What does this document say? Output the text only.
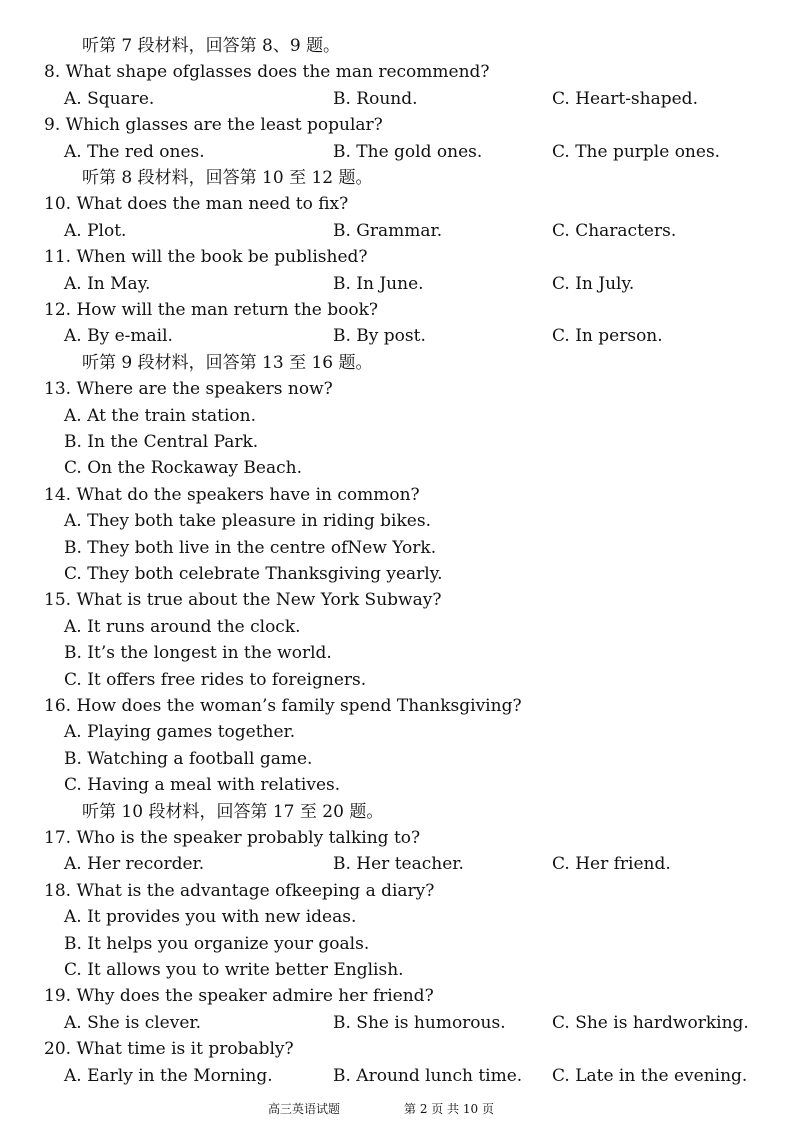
听第 7 段材料，回答第 8、9 题。
8. What shape ofglasses does the man recommend?
A. Square.	B. Round.	C. Heart-shaped.
9. Which glasses are the least popular?
A. The red ones.	B. The gold ones.	C. The purple ones.
听第 8 段材料，回答第 10 至 12 题。
10. What does the man need to fix?
A. Plot.	B. Grammar.	C. Characters.
11. When will the book be published?
A. In May.	B. In June.	C. In July.
12. How will the man return the book?
A. By e-mail.	B. By post.	C. In person.
听第 9 段材料，回答第 13 至 16 题。
13. Where are the speakers now?
A. At the train station.
B. In the Central Park.
C. On the Rockaway Beach.
14. What do the speakers have in common?
A. They both take pleasure in riding bikes.
B. They both live in the centre ofNew York.
C. They both celebrate Thanksgiving yearly.
15. What is true about the New York Subway?
A. It runs around the clock.
B. It’s the longest in the world.
C. It offers free rides to foreigners.
16. How does the woman’s family spend Thanksgiving?
A. Playing games together.
B. Watching a football game.
C. Having a meal with relatives.
听第 10 段材料，回答第 17 至 20 题。
17. Who is the speaker probably talking to?
A. Her recorder.	B. Her teacher.	C. Her friend.
18. What is the advantage ofkeeping a diary?
A. It provides you with new ideas.
B. It helps you organize your goals.
C. It allows you to write better English.
19. Why does the speaker admire her friend?
A. She is clever.	B. She is humorous.	C. She is hardworking.
20. What time is it probably?
A. Early in the Morning.	B. Around lunch time. C. Late in the evening.
高三英语试题	第 2 页 共 10 页
